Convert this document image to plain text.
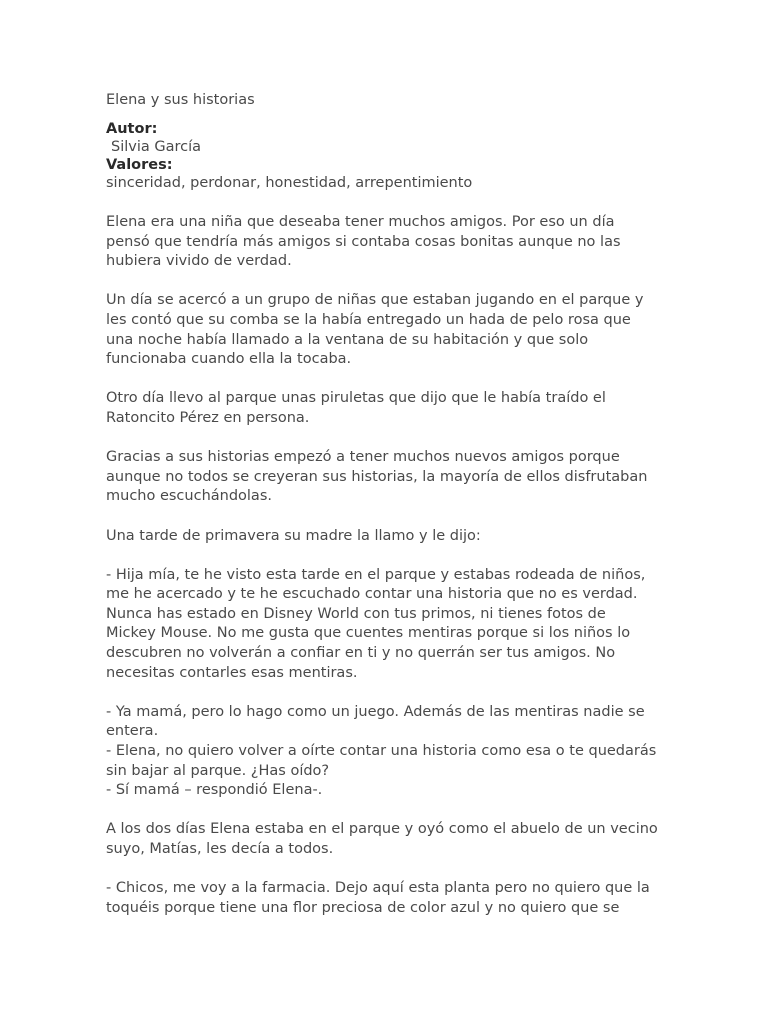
Elena y sus historias

Autor:

Silvia García

Valores:

sinceridad, perdonar, honestidad, arrepentimiento

Elena era una niña que deseaba tener muchos amigos. Por eso un día
pensó que tendría más amigos si contaba cosas bonitas aunque no las
hubiera vivido de verdad.

Un día se acercó a un grupo de niñas que estaban jugando en el parque y
les contó que su comba se la había entregado un hada de pelo rosa que
una noche había llamado a la ventana de su habitación y que solo
funcionaba cuando ella la tocaba.

Otro día llevo al parque unas piruletas que dijo que le había traído el
Ratoncito Pérez en persona.

Gracias a sus historias empezó a tener muchos nuevos amigos porque
aunque no todos se creyeran sus historias, la mayoría de ellos disfrutaban
mucho escuchándolas.

Una tarde de primavera su madre la llamo y le dijo:

- Hija mía, te he visto esta tarde en el parque y estabas rodeada de niños,
me he acercado y te he escuchado contar una historia que no es verdad.
Nunca has estado en Disney World con tus primos, ni tienes fotos de
Mickey Mouse. No me gusta que cuentes mentiras porque si los niños lo
descubren no volverán a confiar en ti y no querrán ser tus amigos. No
necesitas contarles esas mentiras.

- Ya mamá, pero lo hago como un juego. Además de las mentiras nadie se
entera.

- Elena, no quiero volver a oírte contar una historia como esa o te quedarás
sin bajar al parque. ¿Has oído?

- Sí mamá – respondió Elena-.

A los dos días Elena estaba en el parque y oyó como el abuelo de un vecino
suyo, Matías, les decía a todos.

- Chicos, me voy a la farmacia. Dejo aquí esta planta pero no quiero que la
toquéis porque tiene una flor preciosa de color azul y no quiero que se
